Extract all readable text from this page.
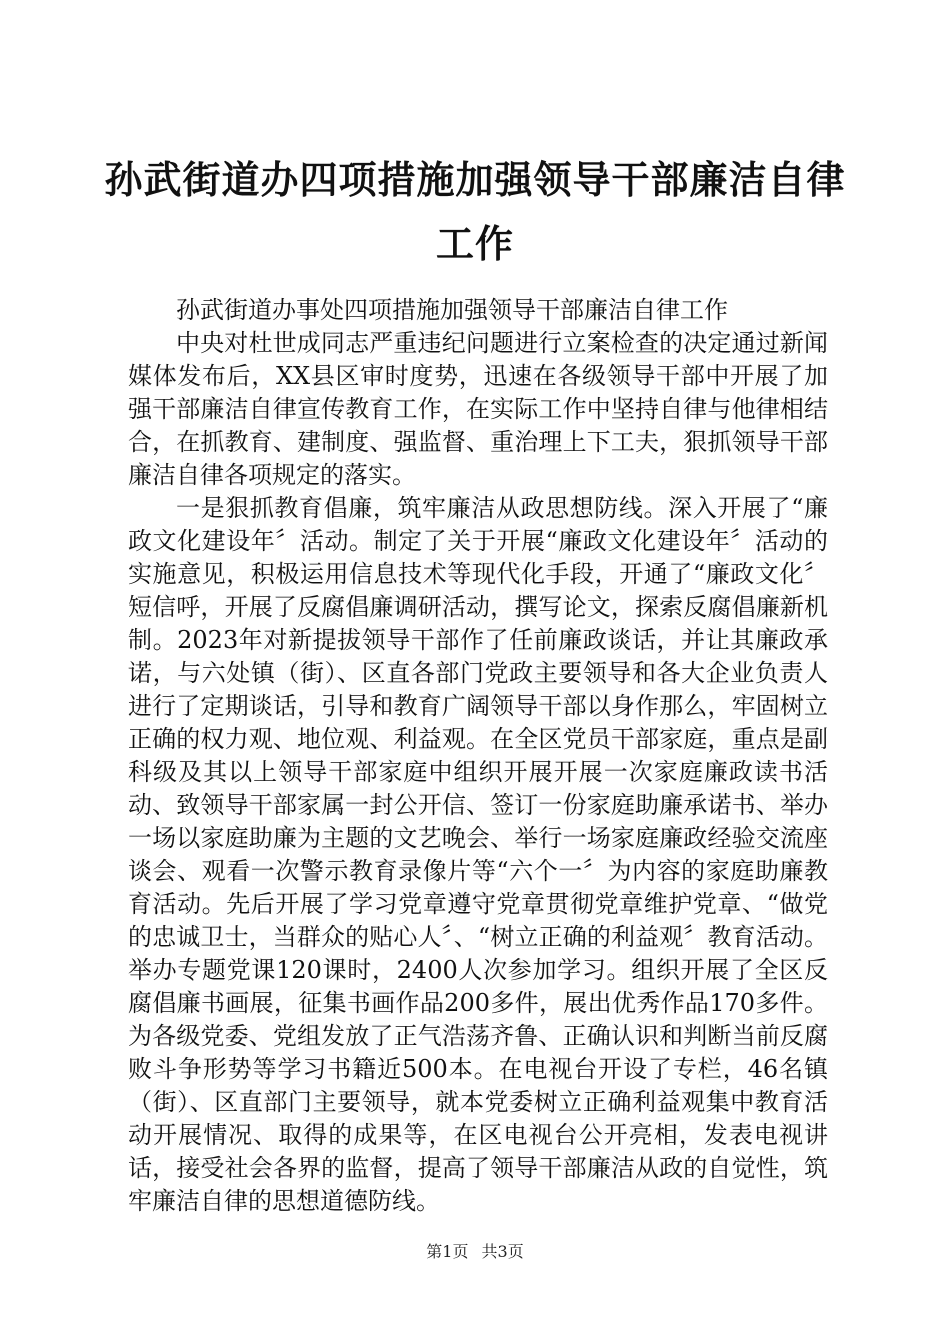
孙武街道办四项措施加强领导干部廉洁自律工作

孙武街道办事处四项措施加强领导干部廉洁自律工作

中央对杜世成同志严重违纪问题进行立案检查的决定通过新闻媒体发布后，XX县区审时度势，迅速在各级领导干部中开展了加强干部廉洁自律宣传教育工作，在实际工作中坚持自律与他律相结合，在抓教育、建制度、强监督、重治理上下工夫，狠抓领导干部廉洁自律各项规定的落实。

一是狠抓教育倡廉，筑牢廉洁从政思想防线。深入开展了“廉政文化建设年〞活动。制定了关于开展“廉政文化建设年〞活动的实施意见，积极运用信息技术等现代化手段，开通了“廉政文化〞短信呼，开展了反腐倡廉调研活动，撰写论文，探索反腐倡廉新机制。2023年对新提拔领导干部作了任前廉政谈话，并让其廉政承诺，与六处镇（街）、区直各部门党政主要领导和各大企业负责人进行了定期谈话，引导和教育广阔领导干部以身作那么，牢固树立正确的权力观、地位观、利益观。在全区党员干部家庭，重点是副科级及其以上领导干部家庭中组织开展开展一次家庭廉政读书活动、致领导干部家属一封公开信、签订一份家庭助廉承诺书、举办一场以家庭助廉为主题的文艺晚会、举行一场家庭廉政经验交流座谈会、观看一次警示教育录像片等“六个一〞为内容的家庭助廉教育活动。先后开展了学习党章遵守党章贯彻党章维护党章、“做党的忠诚卫士，当群众的贴心人〞、“树立正确的利益观〞教育活动。举办专题党课120课时，2400人次参加学习。组织开展了全区反腐倡廉书画展，征集书画作品200多件，展出优秀作品170多件。为各级党委、党组发放了正气浩荡齐鲁、正确认识和判断当前反腐败斗争形势等学习书籍近500本。在电视台开设了专栏，46名镇（街）、区直部门主要领导，就本党委树立正确利益观集中教育活动开展情况、取得的成果等，在区电视台公开亮相，发表电视讲话，接受社会各界的监督，提高了领导干部廉洁从政的自觉性，筑牢廉洁自律的思想道德防线。

第1页 共3页
